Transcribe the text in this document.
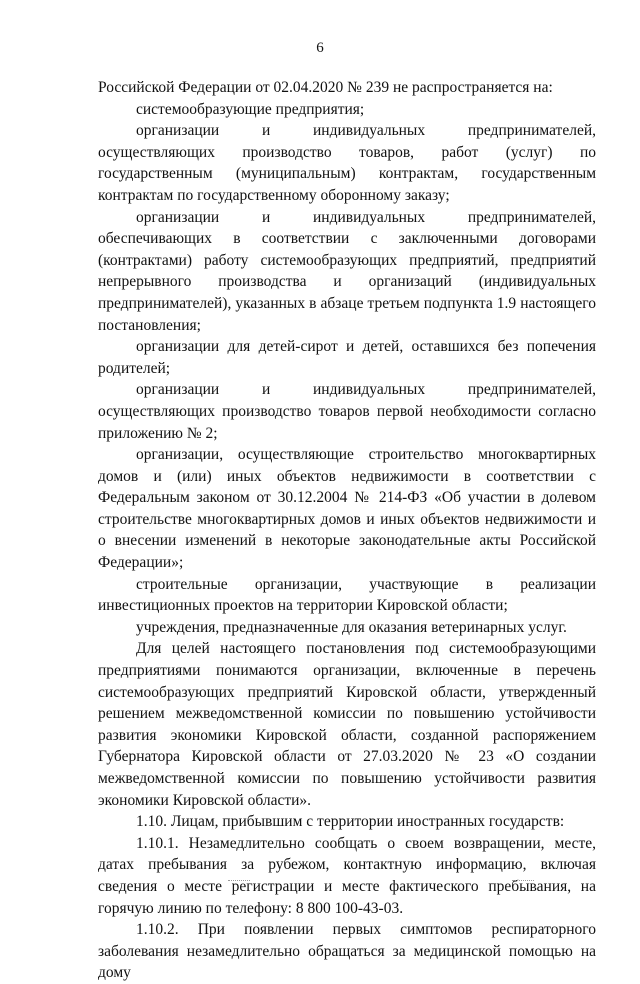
6

Российской Федерации от 02.04.2020 № 239 не распространяется на:

системообразующие предприятия;

организации и индивидуальных предпринимателей, осуществляющих производство товаров, работ (услуг) по государственным (муниципальным) контрактам, государственным контрактам по государственному оборонному заказу;

организации и индивидуальных предпринимателей, обеспечивающих в соответствии с заключенными договорами (контрактами) работу системообразующих предприятий, предприятий непрерывного производства и организаций (индивидуальных предпринимателей), указанных в абзаце третьем подпункта 1.9 настоящего постановления;

организации для детей-сирот и детей, оставшихся без попечения родителей;

организации и индивидуальных предпринимателей, осуществляющих производство товаров первой необходимости согласно приложению № 2;

организации, осуществляющие строительство многоквартирных домов и (или) иных объектов недвижимости в соответствии с Федеральным законом от 30.12.2004 № 214-ФЗ «Об участии в долевом строительстве многоквартирных домов и иных объектов недвижимости и о внесении изменений в некоторые законодательные акты Российской Федерации»;

строительные организации, участвующие в реализации инвестиционных проектов на территории Кировской области;

учреждения, предназначенные для оказания ветеринарных услуг.

Для целей настоящего постановления под системообразующими предприятиями понимаются организации, включенные в перечень системообразующих предприятий Кировской области, утвержденный решением межведомственной комиссии по повышению устойчивости развития экономики Кировской области, созданной распоряжением Губернатора Кировской области от 27.03.2020 № 23 «О создании межведомственной комиссии по повышению устойчивости развития экономики Кировской области».

1.10. Лицам, прибывшим с территории иностранных государств:

1.10.1. Незамедлительно сообщать о своем возвращении, месте, датах пребывания за рубежом, контактную информацию, включая сведения о месте регистрации и месте фактического пребывания, на горячую линию по телефону: 8 800 100-43-03.

1.10.2. При появлении первых симптомов респираторного заболевания незамедлительно обращаться за медицинской помощью на дому
